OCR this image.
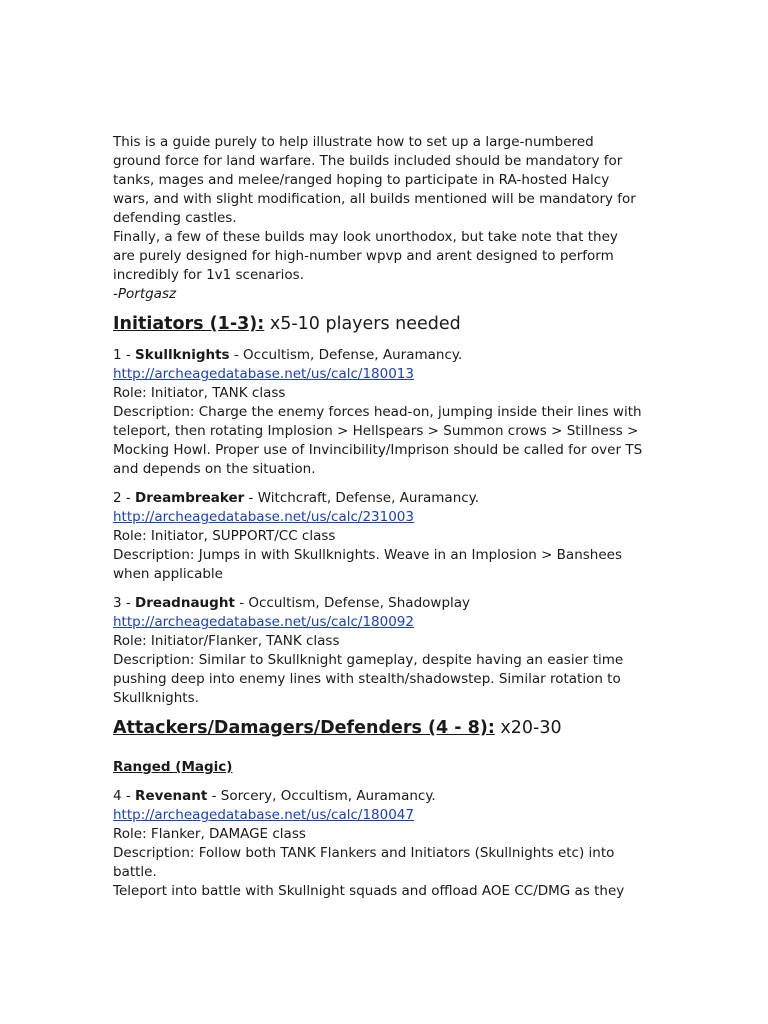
This is a guide purely to help illustrate how to set up a large-numbered

ground force for land warfare. The builds included should be mandatory for

tanks, mages and melee/ranged hoping to participate in RA-hosted Halcy

wars, and with slight modification, all builds mentioned will be mandatory for

defending castles.

Finally, a few of these builds may look unorthodox, but take note that they

are purely designed for high-number wpvp and arent designed to perform

incredibly for 1v1 scenarios.

-Portgasz

Initiators (1-3): x5-10 players needed

1 - Skullknights - Occultism, Defense, Auramancy.

http://archeagedatabase.net/us/calc/180013

Role: Initiator, TANK class

Description: Charge the enemy forces head-on, jumping inside their lines with

teleport, then rotating Implosion > Hellspears > Summon crows > Stillness >

Mocking Howl. Proper use of Invincibility/Imprison should be called for over TS

and depends on the situation.

2 - Dreambreaker - Witchcraft, Defense, Auramancy.

http://archeagedatabase.net/us/calc/231003

Role: Initiator, SUPPORT/CC class

Description: Jumps in with Skullknights. Weave in an Implosion > Banshees

when applicable

3 - Dreadnaught - Occultism, Defense, Shadowplay

http://archeagedatabase.net/us/calc/180092

Role: Initiator/Flanker, TANK class

Description: Similar to Skullknight gameplay, despite having an easier time

pushing deep into enemy lines with stealth/shadowstep. Similar rotation to

Skullknights.

Attackers/Damagers/Defenders (4 - 8): x20-30
Ranged (Magic)

4 - Revenant - Sorcery, Occultism, Auramancy.

http://archeagedatabase.net/us/calc/180047

Role: Flanker, DAMAGE class

Description: Follow both TANK Flankers and Initiators (Skullnights etc) into

battle.

Teleport into battle with Skullnight squads and offload AOE CC/DMG as they
